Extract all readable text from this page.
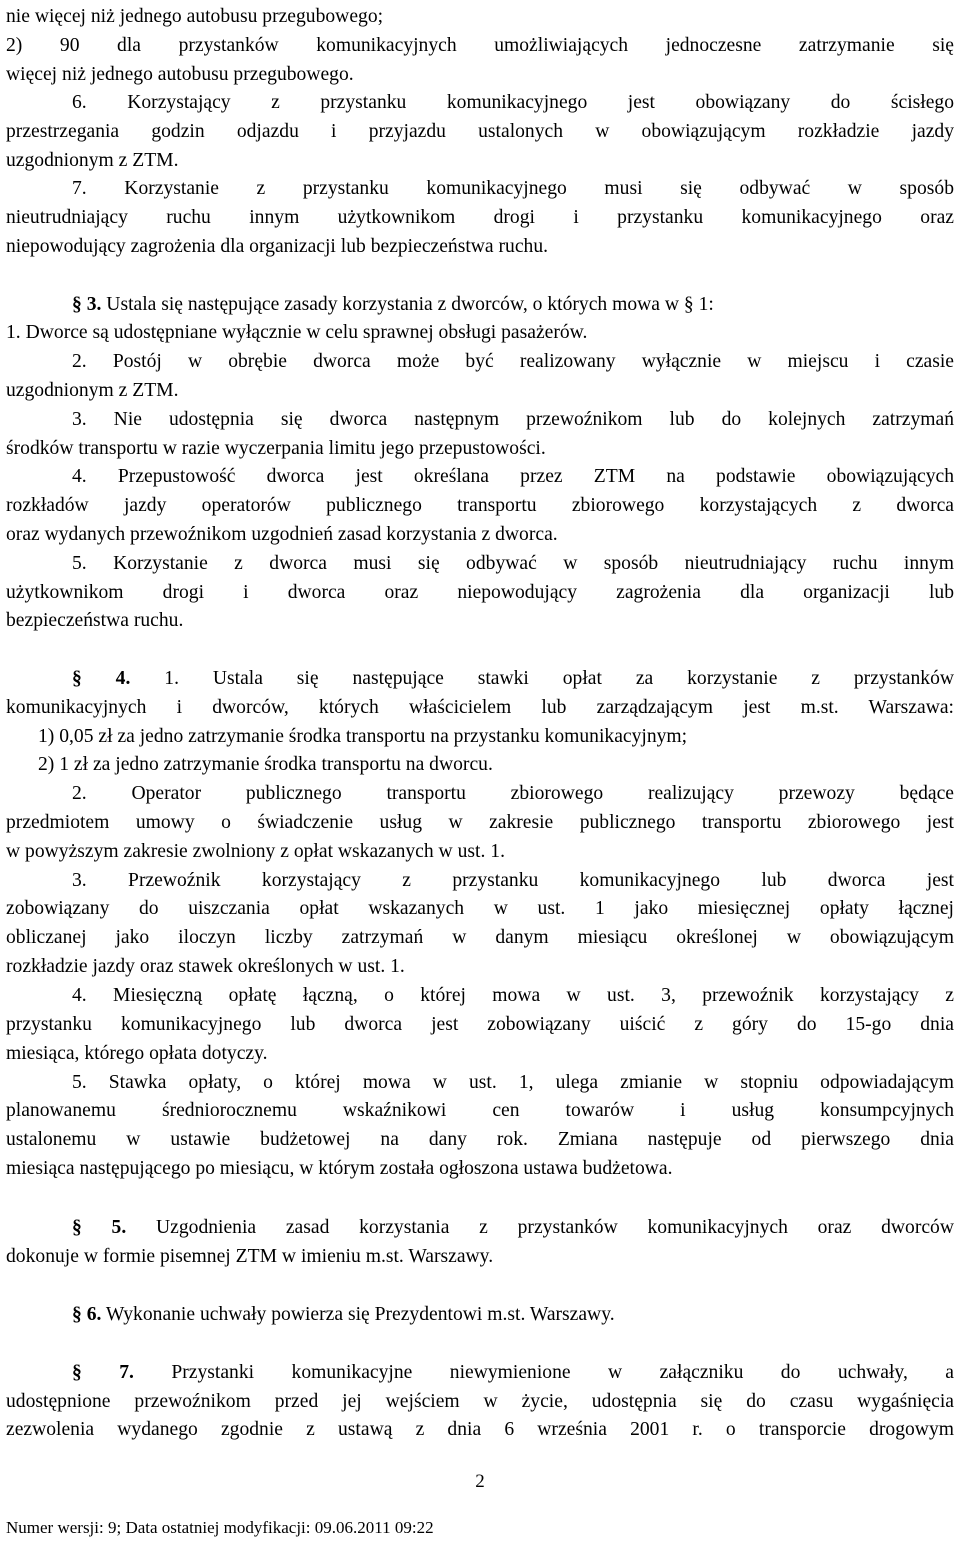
nie więcej niż jednego autobusu przegubowego;
2) 90 dla przystanków komunikacyjnych umożliwiających jednoczesne zatrzymanie się
więcej niż jednego autobusu przegubowego.
6. Korzystający z przystanku komunikacyjnego jest obowiązany do ścisłego
przestrzegania godzin odjazdu i przyjazdu ustalonych w obowiązującym rozkładzie jazdy
uzgodnionym z ZTM.
7. Korzystanie z przystanku komunikacyjnego musi się odbywać w sposób
nieutrudniający ruchu innym użytkownikom drogi i przystanku komunikacyjnego oraz
niepowodujący zagrożenia dla organizacji lub bezpieczeństwa ruchu.
§ 3. Ustala się następujące zasady korzystania z dworców, o których mowa w § 1:
1. Dworce są udostępniane wyłącznie w celu sprawnej obsługi pasażerów.
2. Postój w obrębie dworca może być realizowany wyłącznie w miejscu i czasie
uzgodnionym z ZTM.
3. Nie udostępnia się dworca następnym przewoźnikom lub do kolejnych zatrzymań
środków transportu w razie wyczerpania limitu jego przepustowości.
4. Przepustowość dworca jest określana przez ZTM na podstawie obowiązujących
rozkładów jazdy operatorów publicznego transportu zbiorowego korzystających z dworca
oraz wydanych przewoźnikom uzgodnień zasad korzystania z dworca.
5. Korzystanie z dworca musi się odbywać w sposób nieutrudniający ruchu innym
użytkownikom drogi i dworca oraz niepowodujący zagrożenia dla organizacji lub
bezpieczeństwa ruchu.
§ 4. 1. Ustala się następujące stawki opłat za korzystanie z przystanków
komunikacyjnych i dworców, których właścicielem lub zarządzającym jest m.st. Warszawa:
1) 0,05 zł za jedno zatrzymanie środka transportu na przystanku komunikacyjnym;
2) 1 zł za jedno zatrzymanie środka transportu na dworcu.
2. Operator publicznego transportu zbiorowego realizujący przewozy będące
przedmiotem umowy o świadczenie usług w zakresie publicznego transportu zbiorowego jest
w powyższym zakresie zwolniony z opłat wskazanych w ust. 1.
3. Przewoźnik korzystający z przystanku komunikacyjnego lub dworca jest
zobowiązany do uiszczania opłat wskazanych w ust. 1 jako miesięcznej opłaty łącznej
obliczanej jako iloczyn liczby zatrzymań w danym miesiącu określonej w obowiązującym
rozkładzie jazdy oraz stawek określonych w ust. 1.
4. Miesięczną opłatę łączną, o której mowa w ust. 3, przewoźnik korzystający z
przystanku komunikacyjnego lub dworca jest zobowiązany uiścić z góry do 15-go dnia
miesiąca, którego opłata dotyczy.
5. Stawka opłaty, o której mowa w ust. 1, ulega zmianie w stopniu odpowiadającym
planowanemu średniorocznemu wskaźnikowi cen towarów i usług konsumpcyjnych
ustalonemu w ustawie budżetowej na dany rok. Zmiana następuje od pierwszego dnia
miesiąca następującego po miesiącu, w którym została ogłoszona ustawa budżetowa.
§ 5. Uzgodnienia zasad korzystania z przystanków komunikacyjnych oraz dworców
dokonuje w formie pisemnej ZTM w imieniu m.st. Warszawy.
§ 6. Wykonanie uchwały powierza się Prezydentowi m.st. Warszawy.
§ 7. Przystanki komunikacyjne niewymienione w załączniku do uchwały, a
udostępnione przewoźnikom przed jej wejściem w życie, udostępnia się do czasu wygaśnięcia
zezwolenia wydanego zgodnie z ustawą z dnia 6 września 2001 r. o transporcie drogowym
2
Numer wersji: 9; Data ostatniej modyfikacji: 09.06.2011 09:22
